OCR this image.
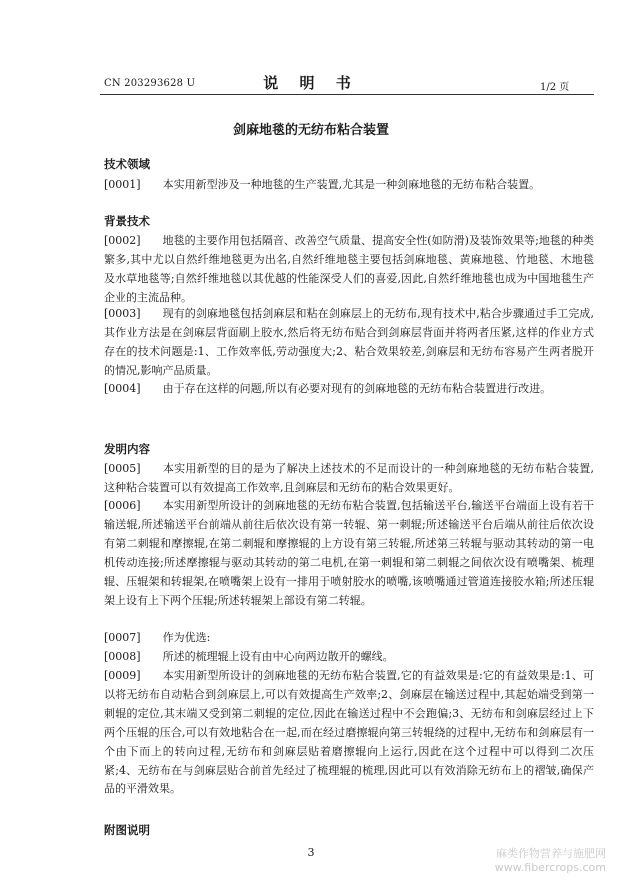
CN 203293628 U	说 明 书	1/2 页
剑麻地毯的无纺布粘合装置
技术领域
[0001] 本实用新型涉及一种地毯的生产装置,尤其是一种剑麻地毯的无纺布粘合装置。
背景技术
[0002] 地毯的主要作用包括隔音、改善空气质量、提高安全性(如防滑)及装饰效果等;地毯的种类繁多,其中尤以自然纤维地毯更为出名,自然纤维地毯主要包括剑麻地毯、黄麻地毯、竹地毯、木地毯及水草地毯等;自然纤维地毯以其优越的性能深受人们的喜爱,因此,自然纤维地毯也成为中国地毯生产企业的主流品种。
[0003] 现有的剑麻地毯包括剑麻层和粘在剑麻层上的无纺布,现有技术中,粘合步骤通过手工完成,其作业方法是在剑麻层背面刷上胶水,然后将无纺布贴合到剑麻层背面并将两者压紧,这样的作业方式存在的技术问题是:1、工作效率低,劳动强度大;2、粘合效果较差,剑麻层和无纺布容易产生两者脱开的情况,影响产品质量。
[0004] 由于存在这样的问题,所以有必要对现有的剑麻地毯的无纺布粘合装置进行改进。
发明内容
[0005] 本实用新型的目的是为了解决上述技术的不足而设计的一种剑麻地毯的无纺布粘合装置,这种粘合装置可以有效提高工作效率,且剑麻层和无纺布的粘合效果更好。
[0006] 本实用新型所设计的剑麻地毯的无纺布粘合装置,包括输送平台,输送平台端面上设有若干输送辊,所述输送平台前端从前往后依次设有第一转辊、第一刺辊;所述输送平台后端从前往后依次设有第二刺辊和摩擦辊,在第二刺辊和摩擦辊的上方设有第三转辊,所述第三转辊与驱动其转动的第一电机传动连接;所述摩擦辊与驱动其转动的第二电机,在第一刺辊和第二刺辊之间依次设有喷嘴架、梳理辊、压辊架和转辊架,在喷嘴架上设有一排用于喷射胶水的喷嘴,该喷嘴通过管道连接胶水箱;所述压辊架上设有上下两个压辊;所述转辊架上部设有第二转辊。
[0007] 作为优选:
[0008] 所述的梳理辊上设有由中心向两边散开的螺线。
[0009] 本实用新型所设计的剑麻地毯的无纺布粘合装置,它的有益效果是:它的有益效果是:1、可以将无纺布自动粘合到剑麻层上,可以有效提高生产效率;2、剑麻层在输送过程中,其起始端受到第一刺辊的定位,其末端又受到第二刺辊的定位,因此在输送过程中不会跑偏;3、无纺布和剑麻层经过上下两个压辊的压合,可以有效地粘合在一起,而在经过磨擦辊向第三转辊绕的过程中,无纺布和剑麻层有一个由下而上的转向过程,无纺布和剑麻层贴着磨擦辊向上运行,因此在这个过程中可以得到二次压紧;4、无纺布在与剑麻层贴合前首先经过了梳理辊的梳理,因此可以有效消除无纺布上的褶皱,确保产品的平滑效果。
附图说明
3	麻类作物营养与施肥网
www.fibercrops.com
